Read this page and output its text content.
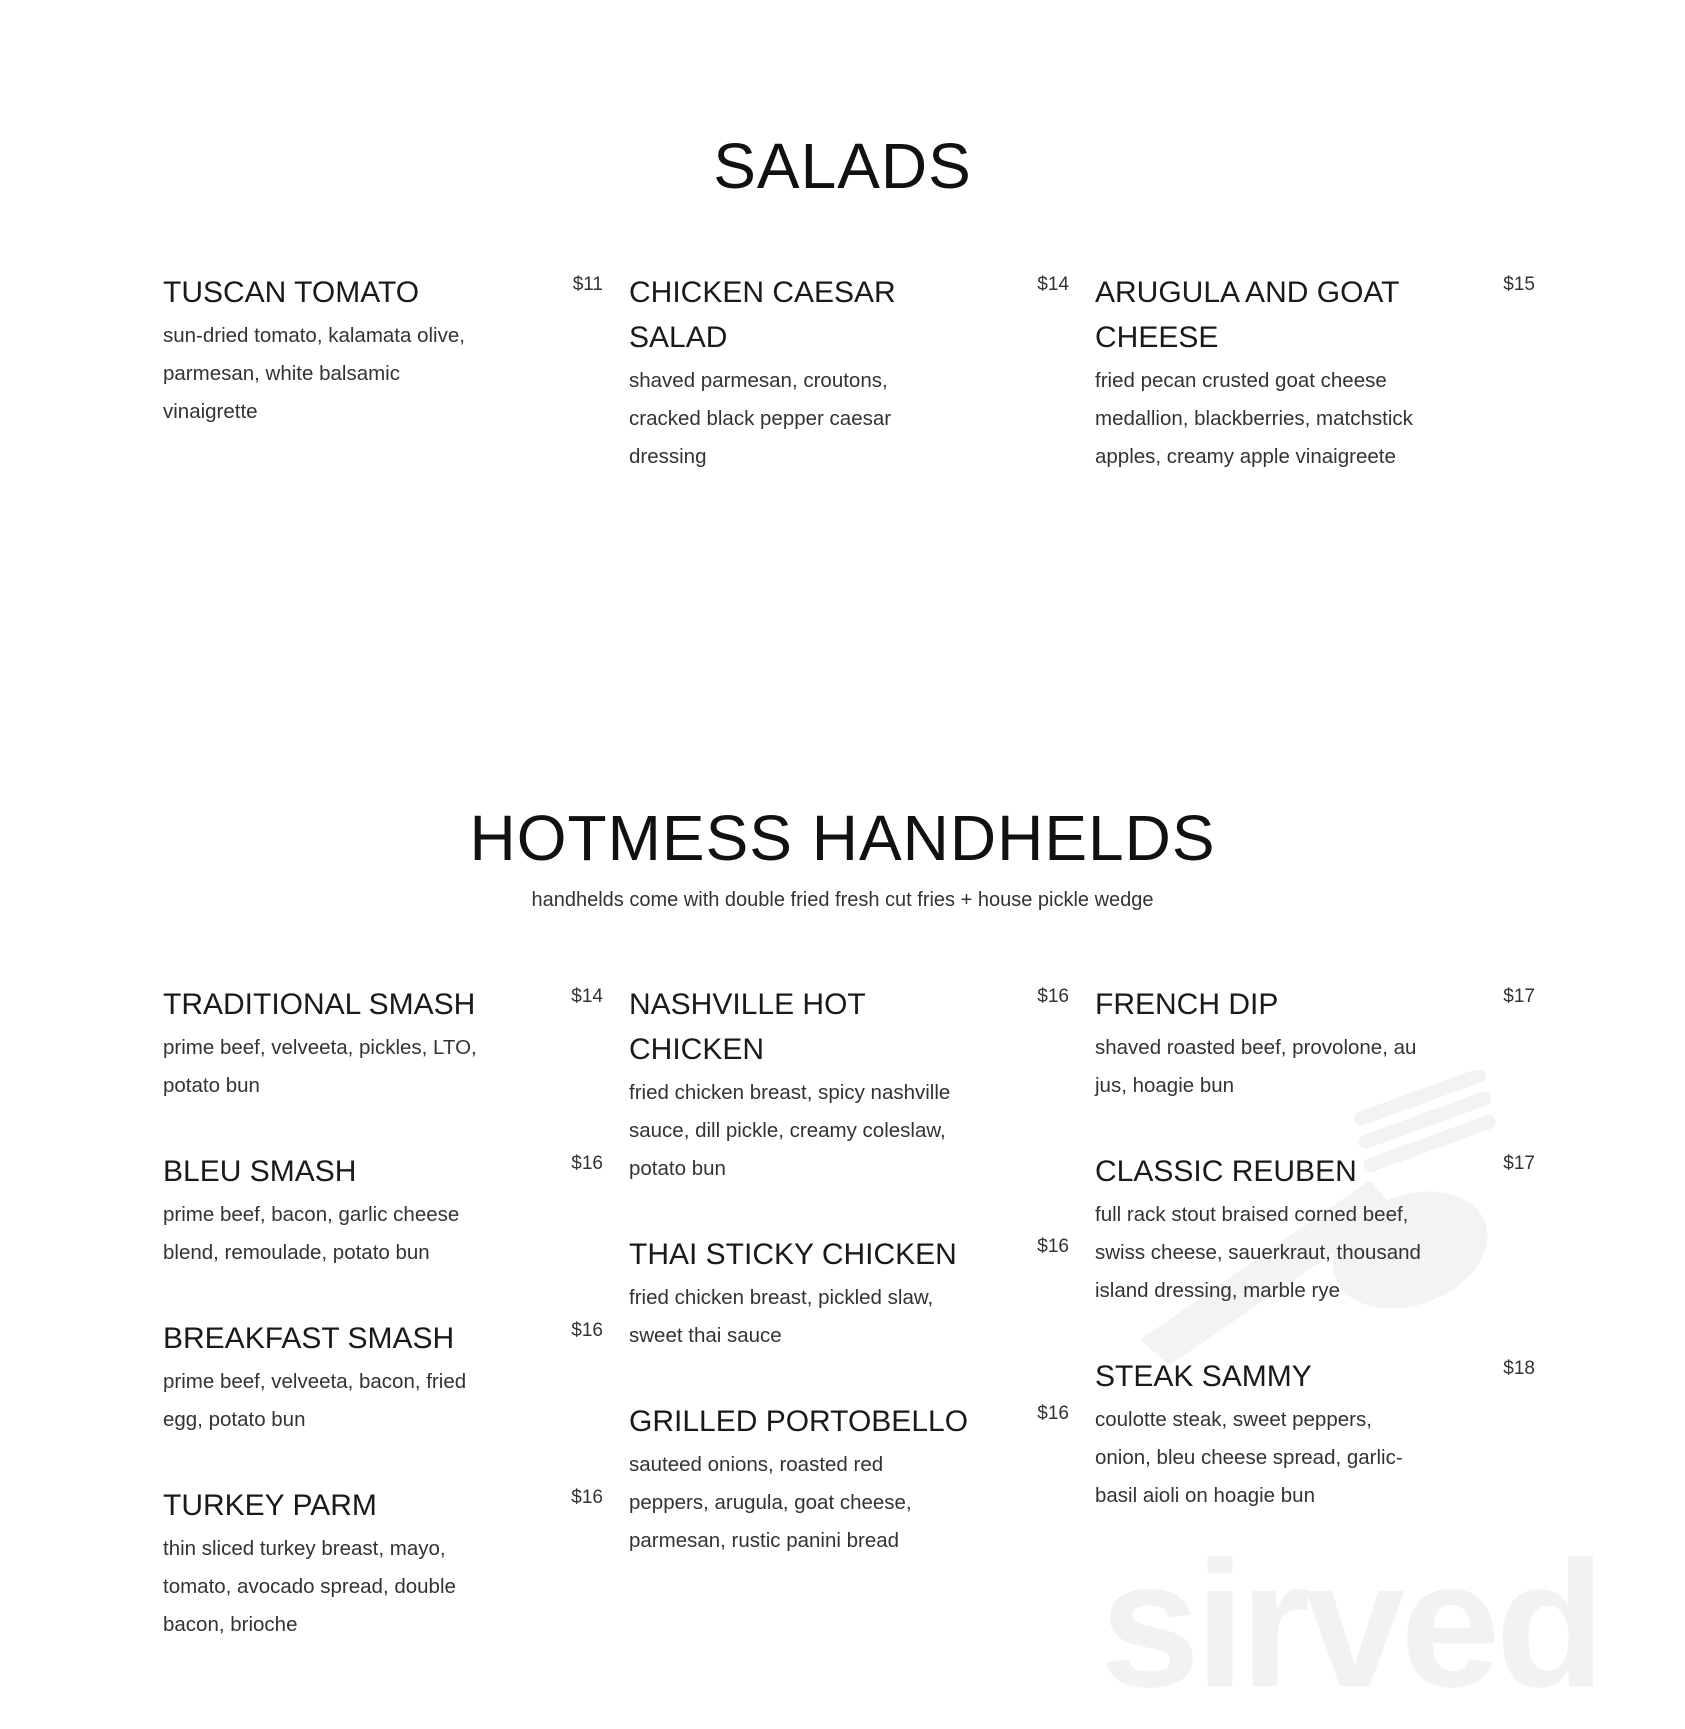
SALADS
HOTMESS HANDHELDS
handhelds come with double fried fresh cut fries + house pickle wedge
TUSCAN TOMATO	$11
sun-dried tomato, kalamata olive,
parmesan, white balsamic
vinaigrette
CHICKEN CAESAR
SALAD
$14
shaved parmesan, croutons,
cracked black pepper caesar
dressing
ARUGULA AND GOAT
CHEESE
$15
fried pecan crusted goat cheese
medallion, blackberries, matchstick
apples, creamy apple vinaigreete
TRADITIONAL SMASH	$14
prime beef, velveeta, pickles, LTO,
potato bun
BLEU SMASH	$16
prime beef, bacon, garlic cheese
blend, remoulade, potato bun
BREAKFAST SMASH	$16
prime beef, velveeta, bacon, fried
egg, potato bun
TURKEY PARM	$16
thin sliced turkey breast, mayo,
tomato, avocado spread, double
bacon, brioche
NASHVILLE HOT
CHICKEN
$16
fried chicken breast, spicy nashville
sauce, dill pickle, creamy coleslaw,
potato bun
THAI STICKY CHICKEN	$16
fried chicken breast, pickled slaw,
sweet thai sauce
GRILLED PORTOBELLO	$16
sauteed onions, roasted red
peppers, arugula, goat cheese,
parmesan, rustic panini bread
FRENCH DIP	$17
shaved roasted beef, provolone, au
jus, hoagie bun
CLASSIC REUBEN	$17
full rack stout braised corned beef,
swiss cheese, sauerkraut, thousand
island dressing, marble rye
STEAK SAMMY	$18
coulotte steak, sweet peppers,
onion, bleu cheese spread, garlic-
basil aioli on hoagie bun
sirved
